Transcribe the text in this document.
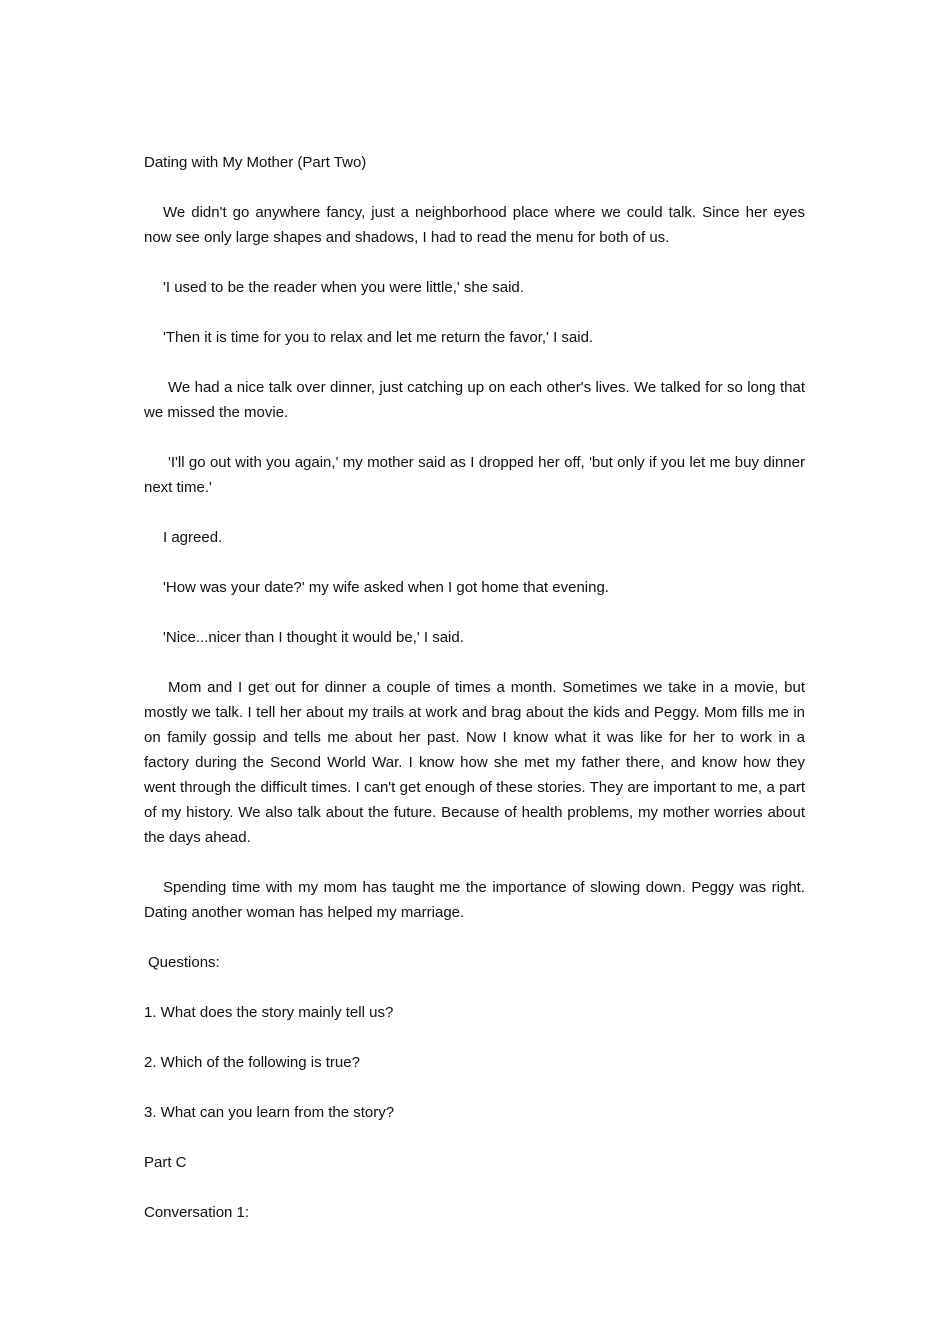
Dating with My Mother (Part Two)

We didn't go anywhere fancy, just a neighborhood place where we could talk. Since her eyes now see only large shapes and shadows, I had to read the menu for both of us.

'I used to be the reader when you were little,' she said.

'Then it is time for you to relax and let me return the favor,' I said.

We had a nice talk over dinner, just catching up on each other's lives. We talked for so long that we missed the movie.

'I'll go out with you again,' my mother said as I dropped her off, 'but only if you let me buy dinner next time.'

I agreed.

'How was your date?' my wife asked when I got home that evening.

'Nice...nicer than I thought it would be,' I said.

Mom and I get out for dinner a couple of times a month. Sometimes we take in a movie, but mostly we talk. I tell her about my trails at work and brag about the kids and Peggy. Mom fills me in on family gossip and tells me about her past. Now I know what it was like for her to work in a factory during the Second World War. I know how she met my father there, and know how they went through the difficult times. I can't get enough of these stories. They are important to me, a part of my history. We also talk about the future. Because of health problems, my mother worries about the days ahead.

Spending time with my mom has taught me the importance of slowing down. Peggy was right. Dating another woman has helped my marriage.

Questions:

1. What does the story mainly tell us?

2. Which of the following is true?

3. What can you learn from the story?

Part C

Conversation 1:
